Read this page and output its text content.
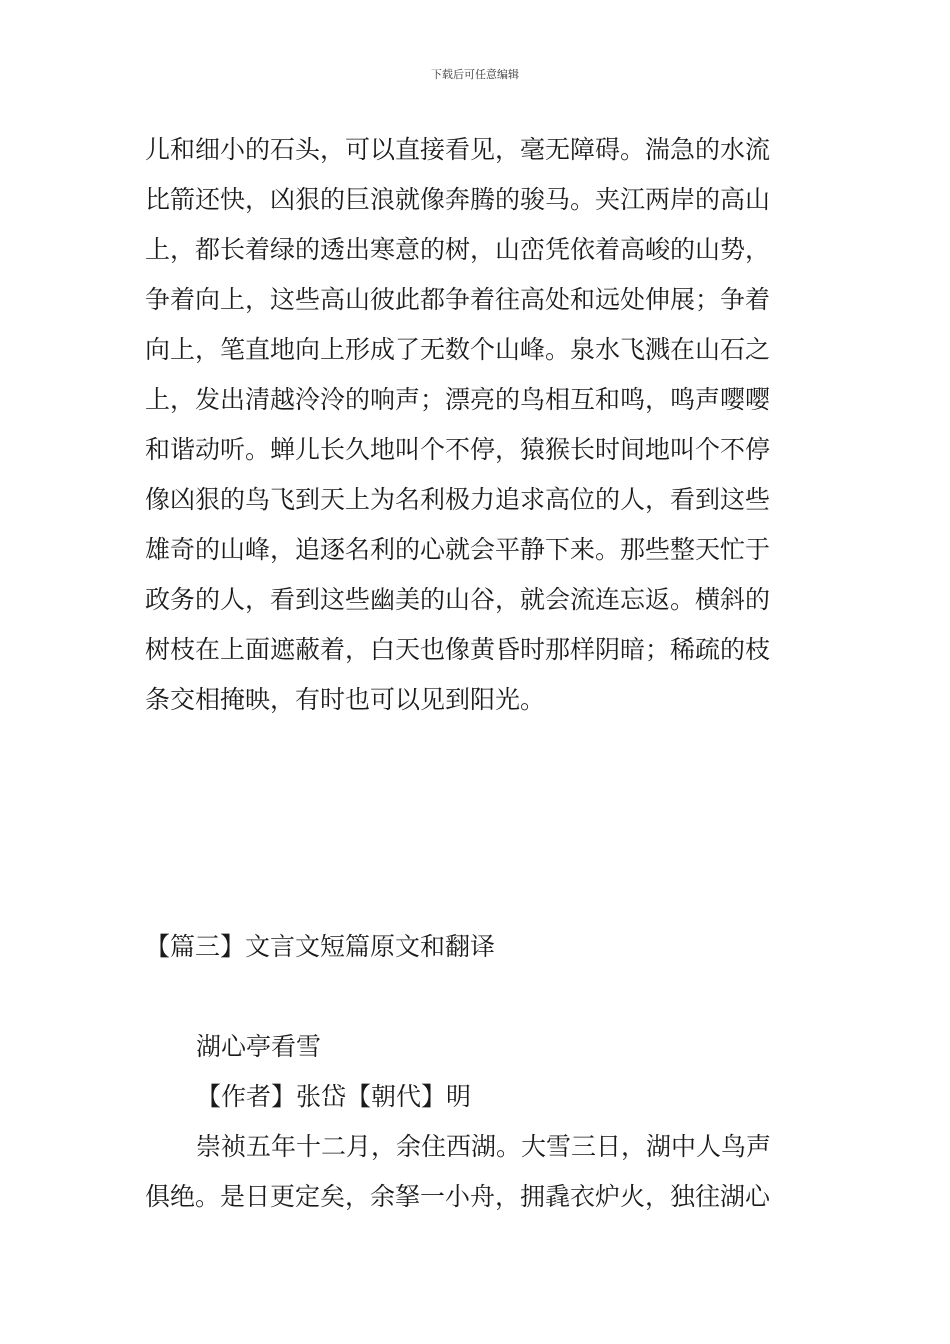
下载后可任意编辑
儿和细小的石头，可以直接看见，毫无障碍。湍急的水流
比箭还快，凶狠的巨浪就像奔腾的骏马。夹江两岸的高山
上，都长着绿的透出寒意的树，山峦凭依着高峻的山势，
争着向上，这些高山彼此都争着往高处和远处伸展；争着
向上，笔直地向上形成了无数个山峰。泉水飞溅在山石之
上，发出清越泠泠的响声；漂亮的鸟相互和鸣，鸣声嘤嘤
和谐动听。蝉儿长久地叫个不停，猿猴长时间地叫个不停
像凶狠的鸟飞到天上为名利极力追求高位的人，看到这些
雄奇的山峰，追逐名利的心就会平静下来。那些整天忙于
政务的人，看到这些幽美的山谷，就会流连忘返。横斜的
树枝在上面遮蔽着，白天也像黄昏时那样阴暗；稀疏的枝
条交相掩映，有时也可以见到阳光。
【篇三】文言文短篇原文和翻译
湖心亭看雪
【作者】张岱【朝代】明
崇祯五年十二月，余住西湖。大雪三日，湖中人鸟声
俱绝。是日更定矣，余拏一小舟，拥毳衣炉火，独往湖心
